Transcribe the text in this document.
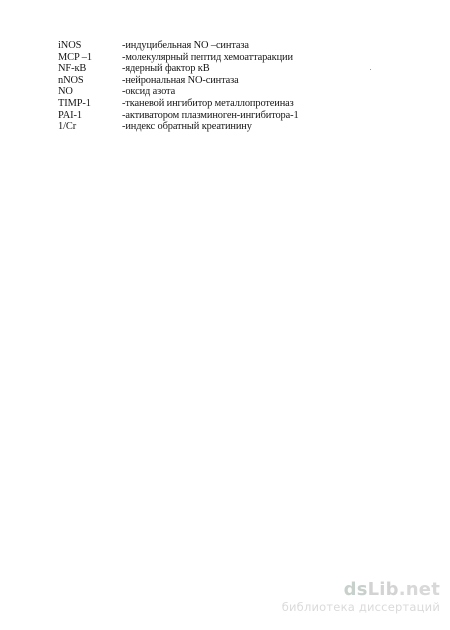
iNOS	-индуцибельная NO –синтаза
MCP –1	-молекулярный пептид хемоаттаракции
NF-кB	-ядерный фактор кВ
nNOS	-нейрональная NO-синтаза
NO	-оксид азота
TIMP-1	-тканевой ингибитор металлопротеиназ
PAI-1	-активатором плазминоген-ингибитора-1
1/Cr	-индекс обратный креатинину
dsLib.net
библиотека диссертаций
